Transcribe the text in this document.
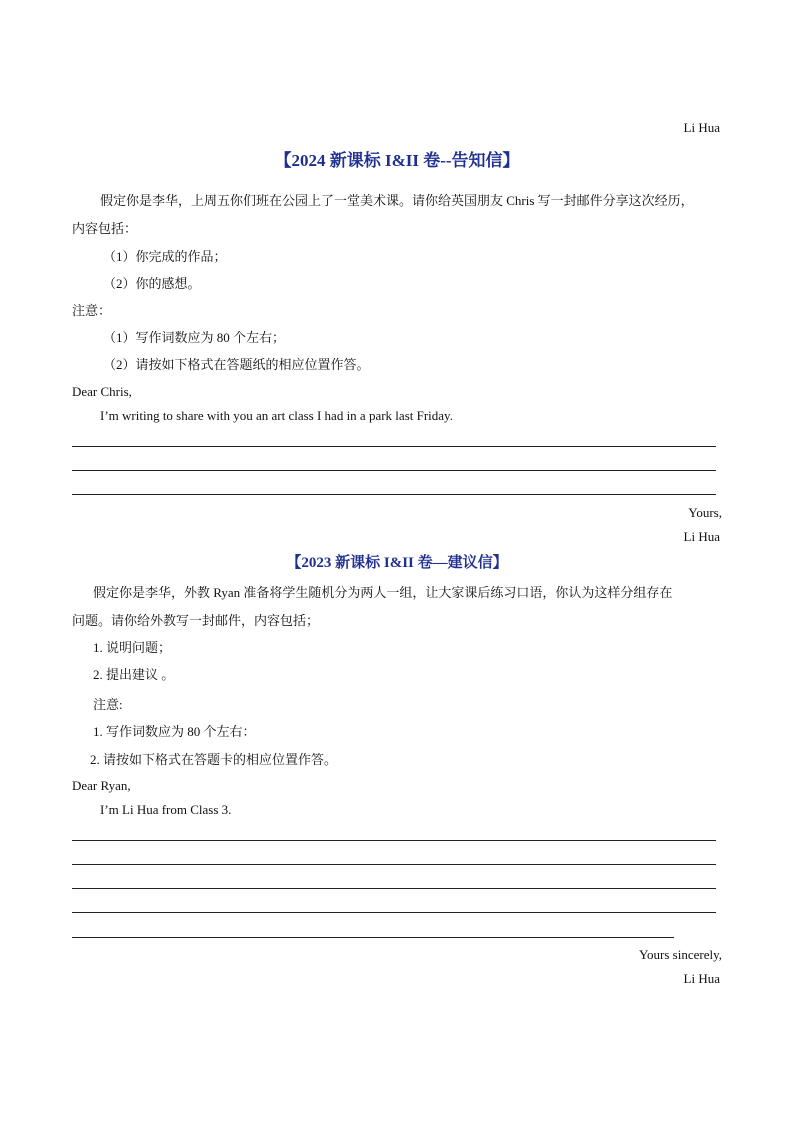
Li Hua
【2024 新课标 I&II 卷--告知信】
假定你是李华，上周五你们班在公园上了一堂美术课。请你给英国朋友 Chris 写一封邮件分享这次经历，
内容包括：
（1）你完成的作品；
（2）你的感想。
注意：
（1）写作词数应为 80 个左右；
（2）请按如下格式在答题纸的相应位置作答。
Dear Chris,
I’m writing to share with you an art class I had in a park last Friday.
Yours,
Li Hua
【2023 新课标 I&II 卷—建议信】
假定你是李华，外教 Ryan 准备将学生随机分为两人一组，让大家课后练习口语，你认为这样分组存在
问题。请你给外教写一封邮件，内容包括；
1. 说明问题；
2. 提出建议 。
注意:
1. 写作词数应为 80 个左右：
2. 请按如下格式在答题卡的相应位置作答。
Dear Ryan,
I’m Li Hua from Class 3.
Yours sincerely,
Li Hua
